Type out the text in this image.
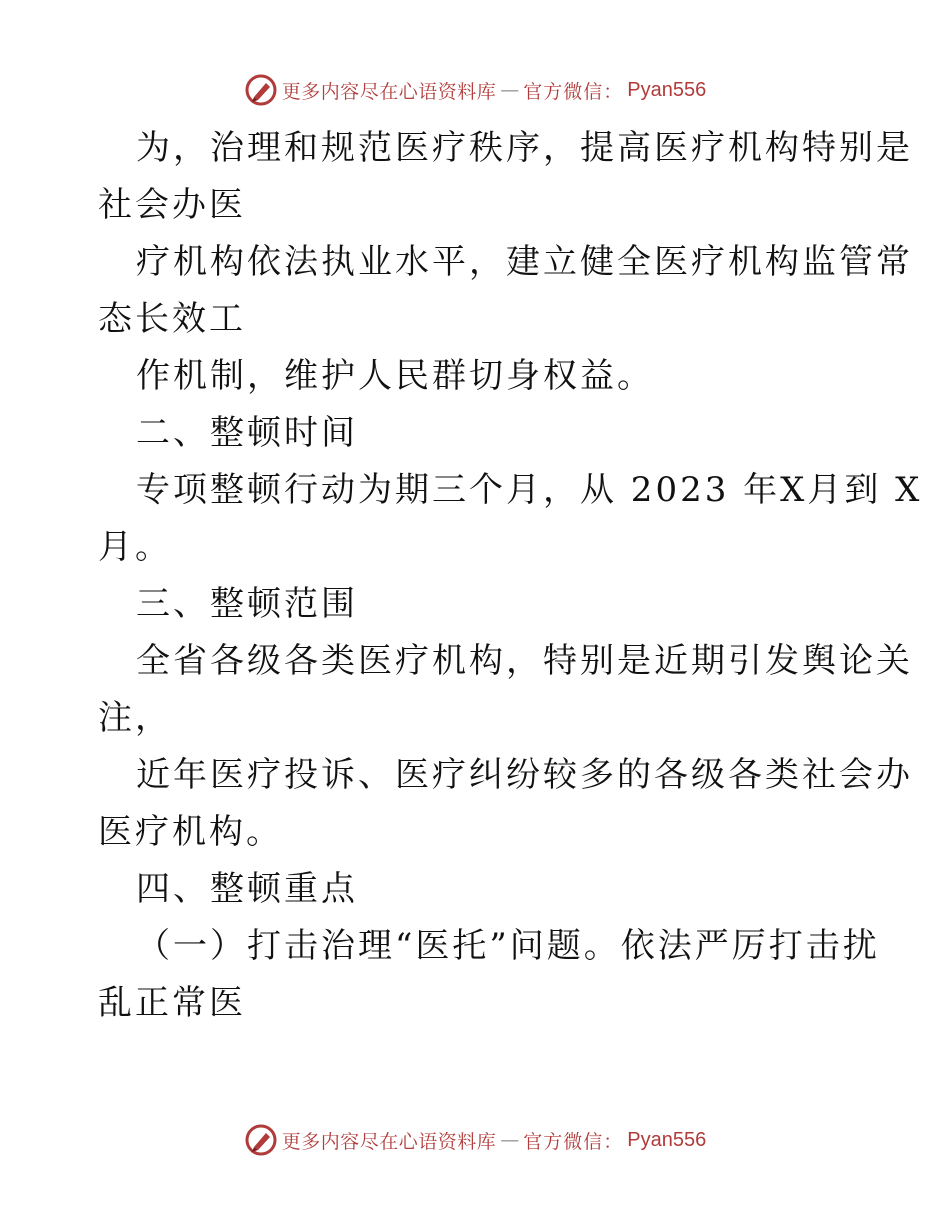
更多内容尽在心语资料库 — 官方微信： Pyan556
为，治理和规范医疗秩序，提高医疗机构特别是
社会办医
疗机构依法执业水平，建立健全医疗机构监管常
态长效工
作机制，维护人民群切身权益。
二、整顿时间
专项整顿行动为期三个月，从 2023 年X月到 X
月。
三、整顿范围
全省各级各类医疗机构，特别是近期引发舆论关
注，
近年医疗投诉、医疗纠纷较多的各级各类社会办
医疗机构。
四、整顿重点
（一）打击治理“医托”问题。依法严厉打击扰
乱正常医
更多内容尽在心语资料库 — 官方微信： Pyan556
